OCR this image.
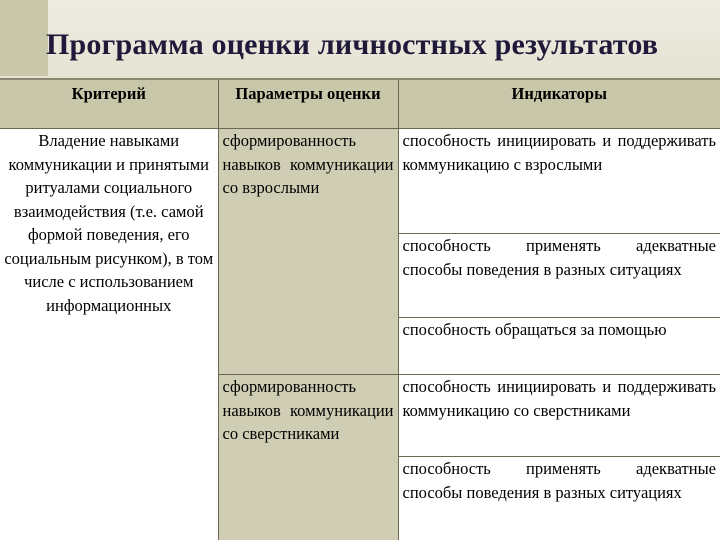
Программа оценки личностных результатов
Критерий	Параметры оценки	Индикаторы
Владение навыками коммуникации и принятыми ритуалами социального взаимодействия (т.е. самой формой поведения, его социальным рисунком), в том числе с использованием информационных	сформированность навыков коммуникации со взрослыми	способность инициировать и поддерживать коммуникацию с взрослыми
		способность применять адекватные способы поведения в разных ситуациях
		способность обращаться за помощью
	сформированность навыков коммуникации со сверстниками	способность инициировать и поддерживать коммуникацию со сверстниками
		способность применять адекватные способы поведения в разных ситуациях
